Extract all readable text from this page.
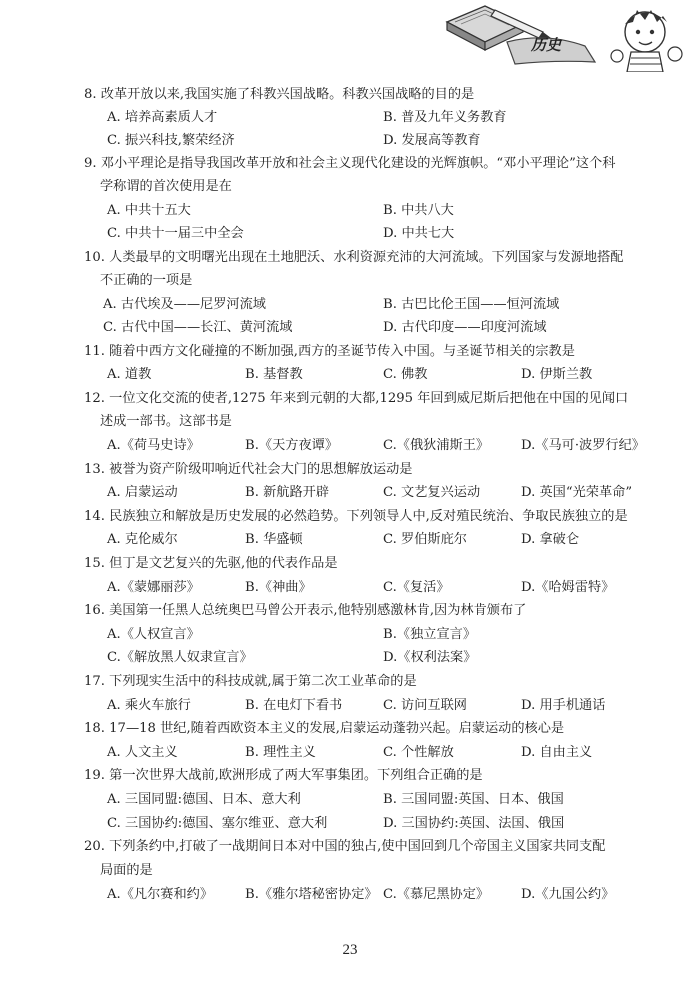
历史
8. 改革开放以来,我国实施了科教兴国战略。科教兴国战略的目的是
A. 培养高素质人才	B. 普及九年义务教育
C. 振兴科技,繁荣经济	D. 发展高等教育
9. 邓小平理论是指导我国改革开放和社会主义现代化建设的光辉旗帜。“邓小平理论”这个科
学称谓的首次使用是在
A. 中共十五大	B. 中共八大
C. 中共十一届三中全会	D. 中共七大
10. 人类最早的文明曙光出现在土地肥沃、水利资源充沛的大河流域。下列国家与发源地搭配
不正确的一项是
A. 古代埃及——尼罗河流域	B. 古巴比伦王国——恒河流域
C. 古代中国——长江、黄河流域	D. 古代印度——印度河流域
11. 随着中西方文化碰撞的不断加强,西方的圣诞节传入中国。与圣诞节相关的宗教是
A. 道教	B. 基督教	C. 佛教	D. 伊斯兰教
12. 一位文化交流的使者,1275 年来到元朝的大都,1295 年回到威尼斯后把他在中国的见闻口
述成一部书。这部书是
A.《荷马史诗》	B.《天方夜谭》	C.《俄狄浦斯王》 D.《马可·波罗行纪》
13. 被誉为资产阶级叩响近代社会大门的思想解放运动是
A. 启蒙运动	B. 新航路开辟	C. 文艺复兴运动	D. 英国“光荣革命”
14. 民族独立和解放是历史发展的必然趋势。下列领导人中,反对殖民统治、争取民族独立的是
A. 克伦威尔	B. 华盛顿	C. 罗伯斯庇尔	D. 拿破仑
15. 但丁是文艺复兴的先驱,他的代表作品是
A.《蒙娜丽莎》	B.《神曲》	C.《复活》	D.《哈姆雷特》
16. 美国第一任黑人总统奥巴马曾公开表示,他特别感激林肯,因为林肯颁布了
A.《人权宣言》	B.《独立宣言》
C.《解放黑人奴隶宣言》	D.《权利法案》
17. 下列现实生活中的科技成就,属于第二次工业革命的是
A. 乘火车旅行	B. 在电灯下看书	C. 访问互联网	D. 用手机通话
18. 17—18 世纪,随着西欧资本主义的发展,启蒙运动蓬勃兴起。启蒙运动的核心是
A. 人文主义	B. 理性主义	C. 个性解放	D. 自由主义
19. 第一次世界大战前,欧洲形成了两大军事集团。下列组合正确的是
A. 三国同盟:德国、日本、意大利	B. 三国同盟:英国、日本、俄国
C. 三国协约:德国、塞尔维亚、意大利	D. 三国协约:英国、法国、俄国
20. 下列条约中,打破了一战期间日本对中国的独占,使中国回到几个帝国主义国家共同支配
局面的是
A.《凡尔赛和约》 B.《雅尔塔秘密协定》 C.《慕尼黑协定》 D.《九国公约》
23
